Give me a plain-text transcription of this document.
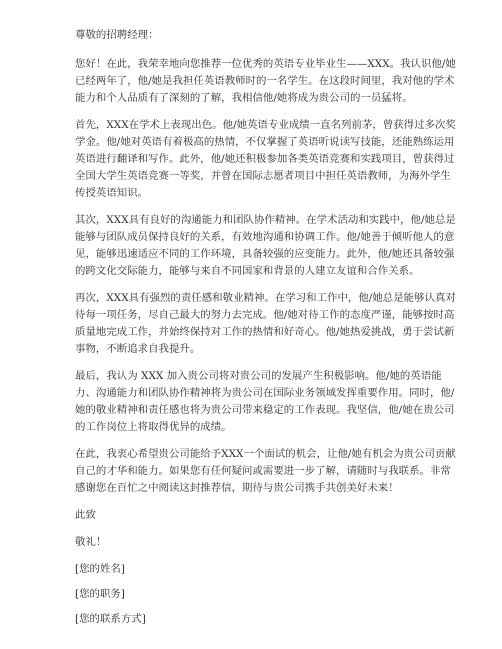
尊敬的招聘经理：

您好！在此，我荣幸地向您推荐一位优秀的英语专业毕业生——XXX。我认识他/她已经两年了，他/她是我担任英语教师时的一名学生。在这段时间里，我对他的学术能力和个人品质有了深刻的了解，我相信他/她将成为贵公司的一员猛将。

首先，XXX在学术上表现出色。他/她英语专业成绩一直名列前茅，曾获得过多次奖学金。他/她对英语有着极高的热情，不仅掌握了英语听说读写技能，还能熟练运用英语进行翻译和写作。此外，他/她还积极参加各类英语竞赛和实践项目，曾获得过全国大学生英语竞赛一等奖，并曾在国际志愿者项目中担任英语教师，为海外学生传授英语知识。

其次，XXX具有良好的沟通能力和团队协作精神。在学术活动和实践中，他/她总是能够与团队成员保持良好的关系，有效地沟通和协调工作。他/她善于倾听他人的意见，能够迅速适应不同的工作环境，具备较强的应变能力。此外，他/她还具备较强的跨文化交际能力，能够与来自不同国家和背景的人建立友谊和合作关系。

再次，XXX具有强烈的责任感和敬业精神。在学习和工作中，他/她总是能够认真对待每一项任务，尽自己最大的努力去完成。他/她对待工作的态度严谨，能够按时高质量地完成工作，并始终保持对工作的热情和好奇心。他/她热爱挑战，勇于尝试新事物，不断追求自我提升。

最后，我认为 XXX 加入贵公司将对贵公司的发展产生积极影响。他/她的英语能力、沟通能力和团队协作精神将为贵公司在国际业务领域发挥重要作用。同时，他/她的敬业精神和责任感也将为贵公司带来稳定的工作表现。我坚信，他/她在贵公司的工作岗位上将取得优异的成绩。

在此，我衷心希望贵公司能给予XXX一个面试的机会，让他/她有机会为贵公司贡献自己的才华和能力。如果您有任何疑问或需要进一步了解，请随时与我联系。非常感谢您在百忙之中阅读这封推荐信，期待与贵公司携手共创美好未来！

此致

敬礼！

[您的姓名]

[您的职务]

[您的联系方式]
